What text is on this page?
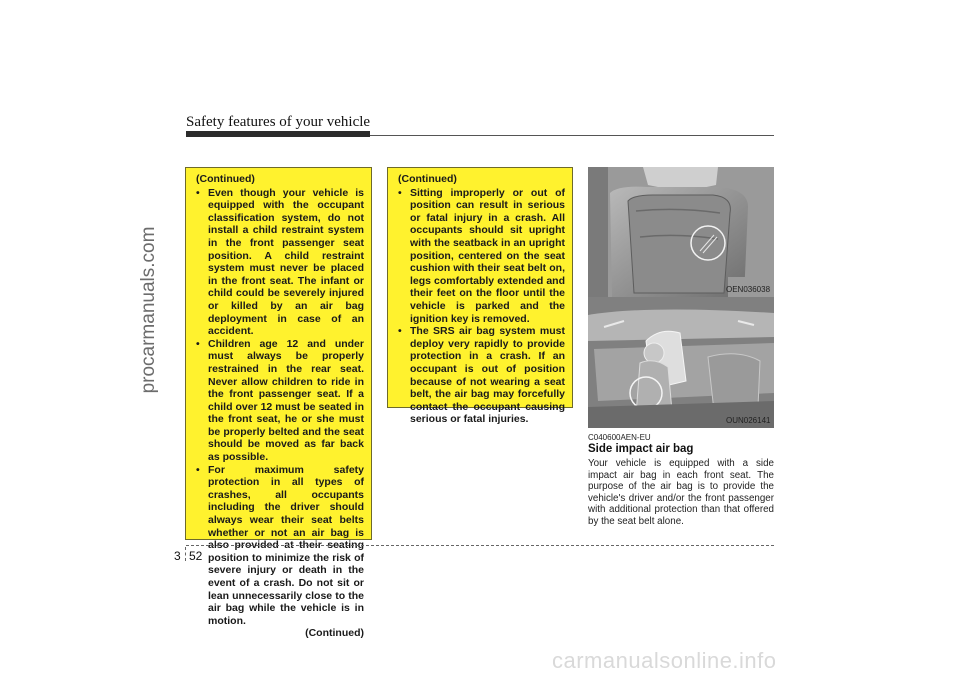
procarmanuals.com
Safety features of your vehicle
(Continued)
• Even though your vehicle is equipped with the occupant classification system, do not install a child restraint system in the front passenger seat position. A child restraint system must never be placed in the front seat. The infant or child could be severely injured or killed by an air bag deployment in case of an accident.
• Children age 12 and under must always be properly restrained in the rear seat. Never allow children to ride in the front passenger seat. If a child over 12 must be seated in the front seat, he or she must be properly belted and the seat should be moved as far back as possible.
• For maximum safety protection in all types of crashes, all occupants including the driver should always wear their seat belts whether or not an air bag is also provided at their seating position to minimize the risk of severe injury or death in the event of a crash. Do not sit or lean unnecessarily close to the air bag while the vehicle is in motion.
(Continued)
(Continued)
• Sitting improperly or out of position can result in serious or fatal injury in a crash. All occupants should sit upright with the seatback in an upright position, centered on the seat cushion with their seat belt on, legs comfortably extended and their feet on the floor until the vehicle is parked and the ignition key is removed.
• The SRS air bag system must deploy very rapidly to provide protection in a crash. If an occupant is out of position because of not wearing a seat belt, the air bag may forcefully contact the occupant causing serious or fatal injuries.
OEN036038
OUN026141
C040600AEN-EU
Side impact air bag
Your vehicle is equipped with a side impact air bag in each front seat. The purpose of the air bag is to provide the vehicle's driver and/or the front passenger with additional protection than that offered by the seat belt alone.
3 52
carmanualsonline.info
